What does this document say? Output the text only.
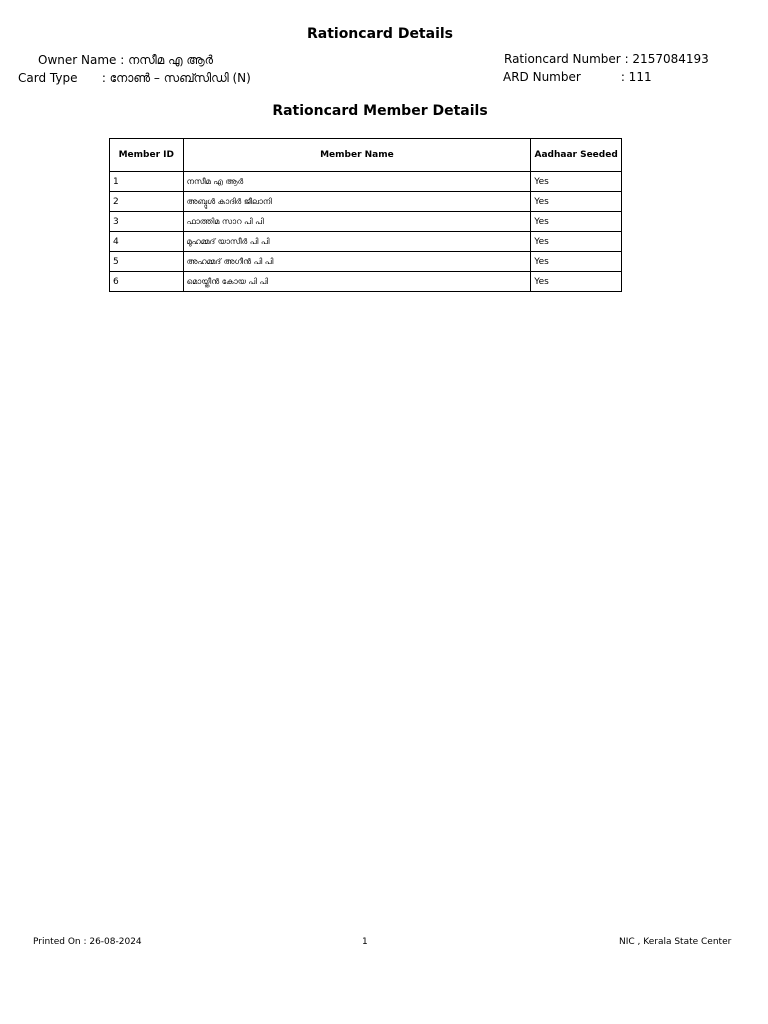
Rationcard Details
Owner Name : നസീമ എ ആർ
Card Type : നോൺ – സബ്സിഡി (N)
Rationcard Number : 2157084193
ARD Number	: 111
Rationcard Member Details
Member ID	Member Name	Aadhaar Seeded
1	നസീമ എ ആർ	Yes
2	അബ്ദുൾ കാദിർ ജീലാനി	Yes
3	ഫാത്തിമ സാറ പി പി	Yes
4	മുഹമ്മദ് യാസീർ പി പി	Yes
5	അഹമ്മദ് അഗീൻ പി പി	Yes
6	മൊയ്തീൻ കോയ പി പി	Yes
Printed On : 26-08-2024	1	NIC , Kerala State Center
